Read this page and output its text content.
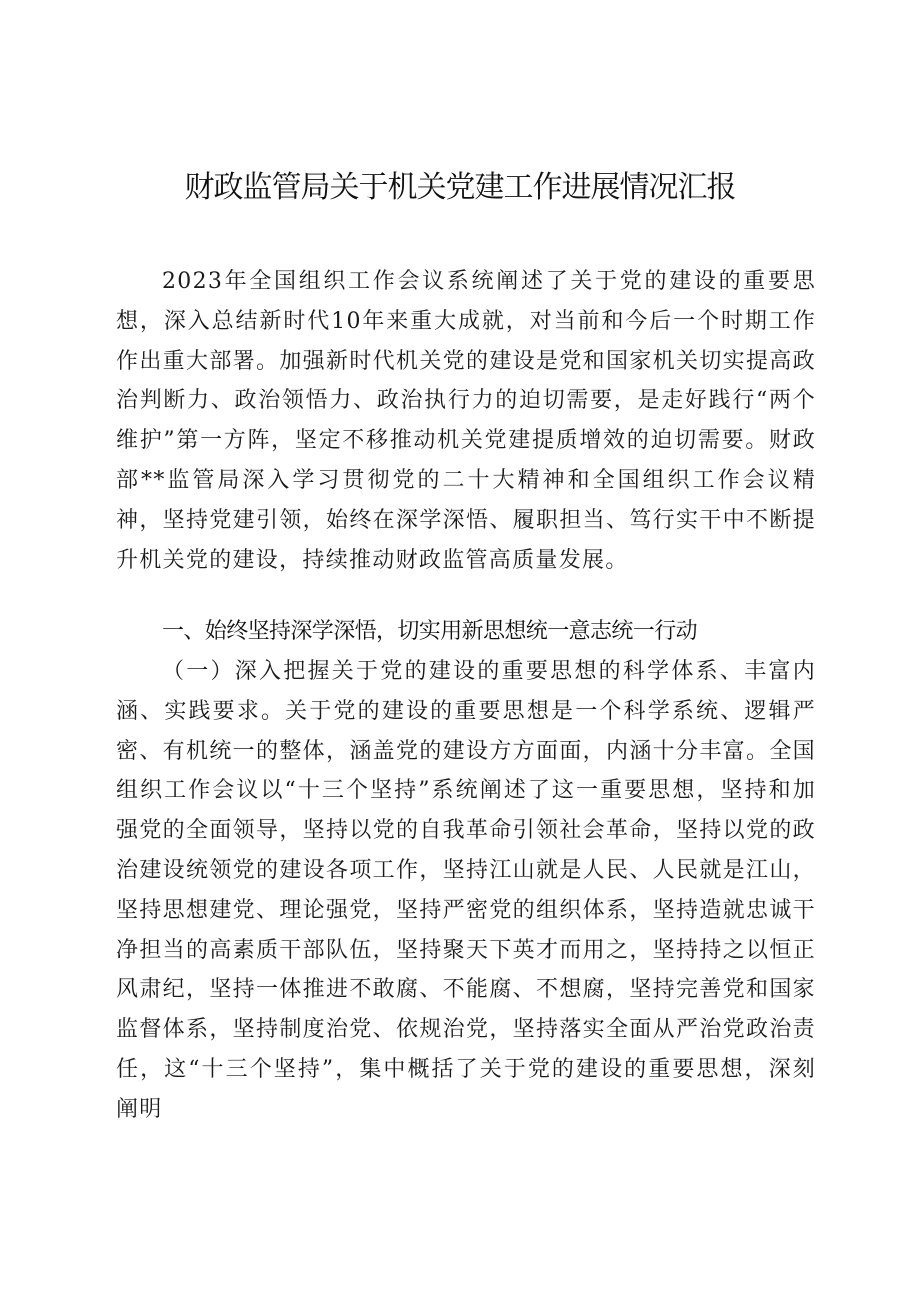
财政监管局关于机关党建工作进展情况汇报

2023年全国组织工作会议系统阐述了关于党的建设的重要思想，深入总结新时代10年来重大成就，对当前和今后一个时期工作作出重大部署。加强新时代机关党的建设是党和国家机关切实提高政治判断力、政治领悟力、政治执行力的迫切需要，是走好践行“两个维护”第一方阵，坚定不移推动机关党建提质增效的迫切需要。财政部**监管局深入学习贯彻党的二十大精神和全国组织工作会议精神，坚持党建引领，始终在深学深悟、履职担当、笃行实干中不断提升机关党的建设，持续推动财政监管高质量发展。

一、始终坚持深学深悟，切实用新思想统一意志统一行动

（一）深入把握关于党的建设的重要思想的科学体系、丰富内涵、实践要求。关于党的建设的重要思想是一个科学系统、逻辑严密、有机统一的整体，涵盖党的建设方方面面，内涵十分丰富。全国组织工作会议以“十三个坚持”系统阐述了这一重要思想，坚持和加强党的全面领导，坚持以党的自我革命引领社会革命，坚持以党的政治建设统领党的建设各项工作，坚持江山就是人民、人民就是江山，坚持思想建党、理论强党，坚持严密党的组织体系，坚持造就忠诚干净担当的高素质干部队伍，坚持聚天下英才而用之，坚持持之以恒正风肃纪，坚持一体推进不敢腐、不能腐、不想腐，坚持完善党和国家监督体系，坚持制度治党、依规治党，坚持落实全面从严治党政治责任，这“十三个坚持”，集中概括了关于党的建设的重要思想，深刻阐明
